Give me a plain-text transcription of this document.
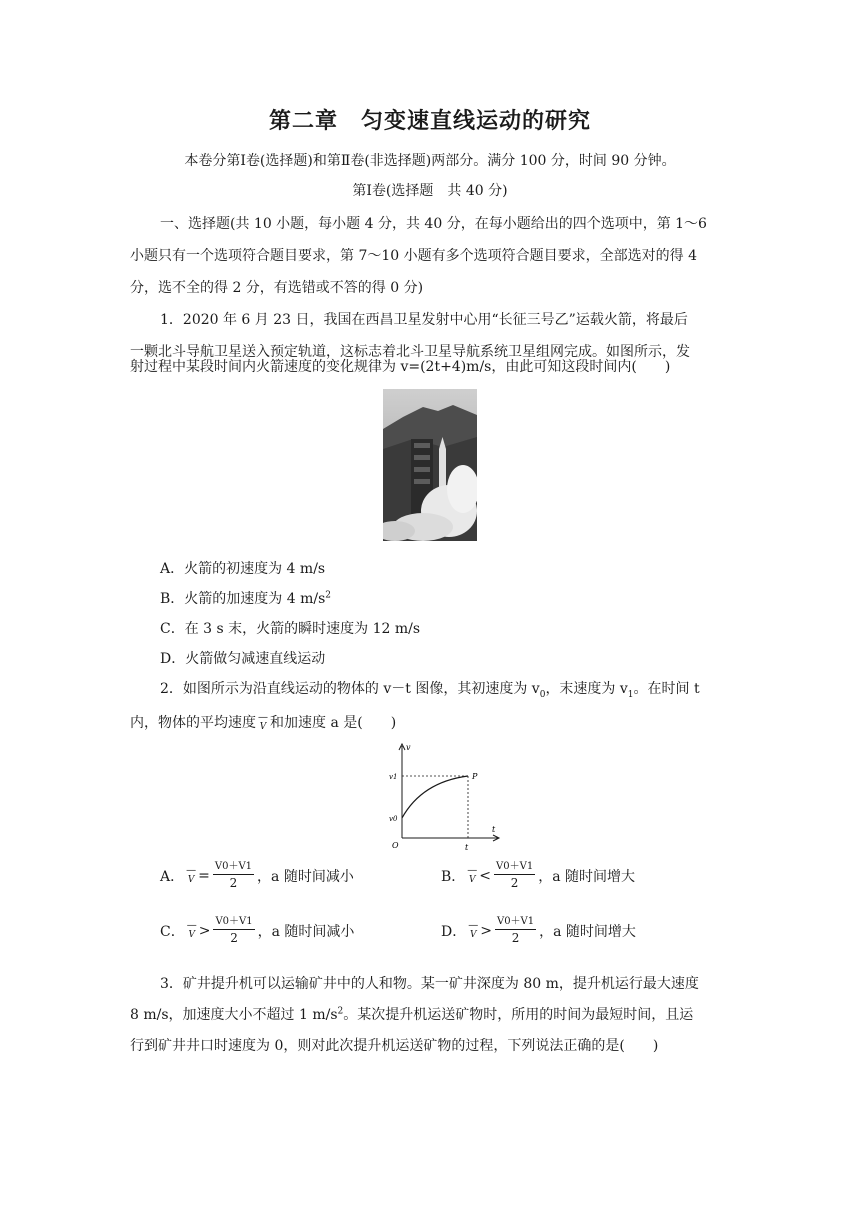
第二章　匀变速直线运动的研究
本卷分第Ⅰ卷(选择题)和第Ⅱ卷(非选择题)两部分。满分 100 分，时间 90 分钟。
第Ⅰ卷(选择题　共 40 分)
一、选择题(共 10 小题，每小题 4 分，共 40 分，在每小题给出的四个选项中，第 1～6
小题只有一个选项符合题目要求，第 7～10 小题有多个选项符合题目要求，全部选对的得 4
分，选不全的得 2 分，有选错或不答的得 0 分)
1．2020 年 6 月 23 日，我国在西昌卫星发射中心用“长征三号乙”运载火箭，将最后
一颗北斗导航卫星送入预定轨道，这标志着北斗卫星导航系统卫星组网完成。如图所示，发
射过程中某段时间内火箭速度的变化规律为 v=(2t+4)m/s，由此可知这段时间内(　　)
A．火箭的初速度为 4 m/s
B．火箭的加速度为 4 $m/s^2$
C．在 3 s 末，火箭的瞬时速度为 12 m/s
D．火箭做匀减速直线运动
2．如图所示为沿直线运动的物体的 v－t 图像，其初速度为 $v_0$，末速度为 $v_1$。在时间 t
内，物体的平均速度 —
V 和加速度 a 是(　　)
v
t
O
v1
v0
t
P
A． —
$V = \frac{V0+V1}{2}$ ，a 随时间减小	B． —
$V < \frac{V0+V1}{2}$ ，a 随时间增大
C． —
$V > \frac{V0+V1}{2}$ ，a 随时间减小	D． —
$V > \frac{V0+V1}{2}$ ，a 随时间增大
3．矿井提升机可以运输矿井中的人和物。某一矿井深度为 80 m，提升机运行最大速度
8 m/s，加速度大小不超过 1 $m/s^2$。某次提升机运送矿物时，所用的时间为最短时间，且运
行到矿井井口时速度为 0，则对此次提升机运送矿物的过程，下列说法正确的是(　　)
